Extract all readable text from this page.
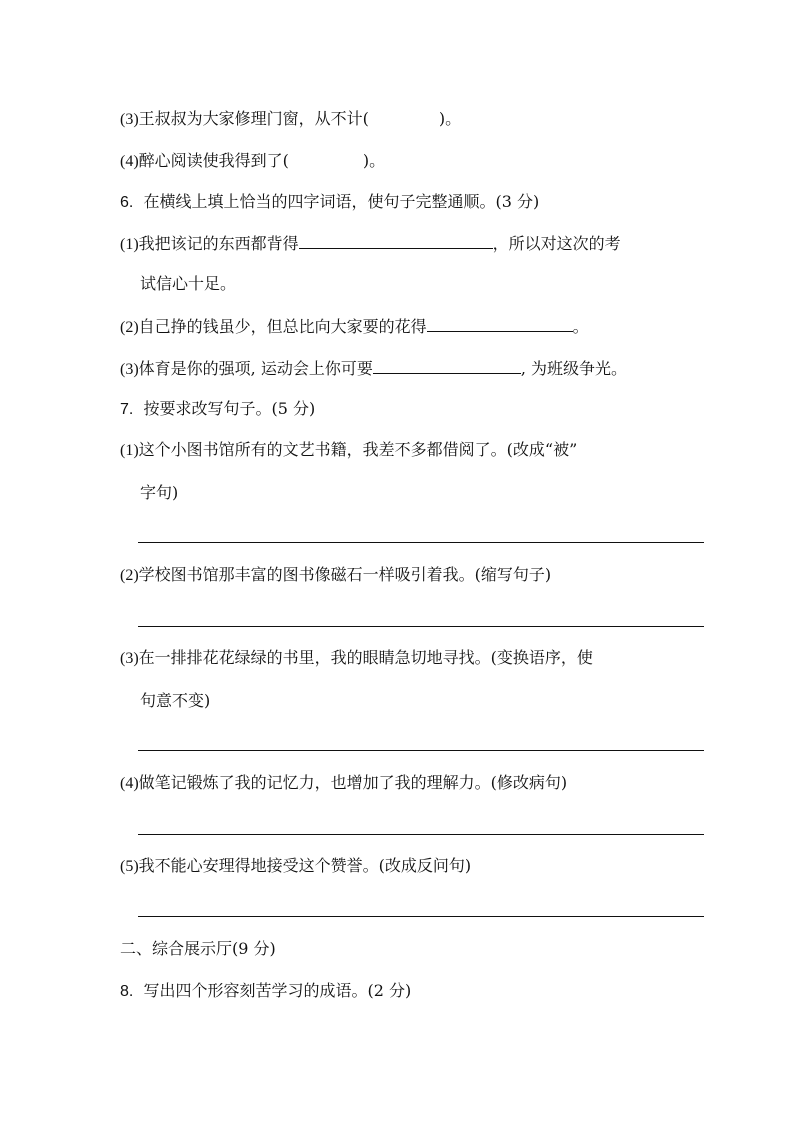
(3)王叔叔为大家修理门窗，从不计(	)。
(4)醉心阅读使我得到了(	)。
6. 在横线上填上恰当的四字词语，使句子完整通顺。(3 分)
(1)我把该记的东西都背得	，所以对这次的考
试信心十足。
(2)自己挣的钱虽少，但总比向大家要的花得	。
(3)体育是你的强项, 运动会上你可要	, 为班级争光。
7. 按要求改写句子。(5 分)
(1)这个小图书馆所有的文艺书籍，我差不多都借阅了。(改成“被”
字句)
(2)学校图书馆那丰富的图书像磁石一样吸引着我。(缩写句子)
(3)在一排排花花绿绿的书里，我的眼睛急切地寻找。(变换语序，使
句意不变)
(4)做笔记锻炼了我的记忆力，也增加了我的理解力。(修改病句)
(5)我不能心安理得地接受这个赞誉。(改成反问句)
二、综合展示厅(9 分)
8. 写出四个形容刻苦学习的成语。(2 分)
